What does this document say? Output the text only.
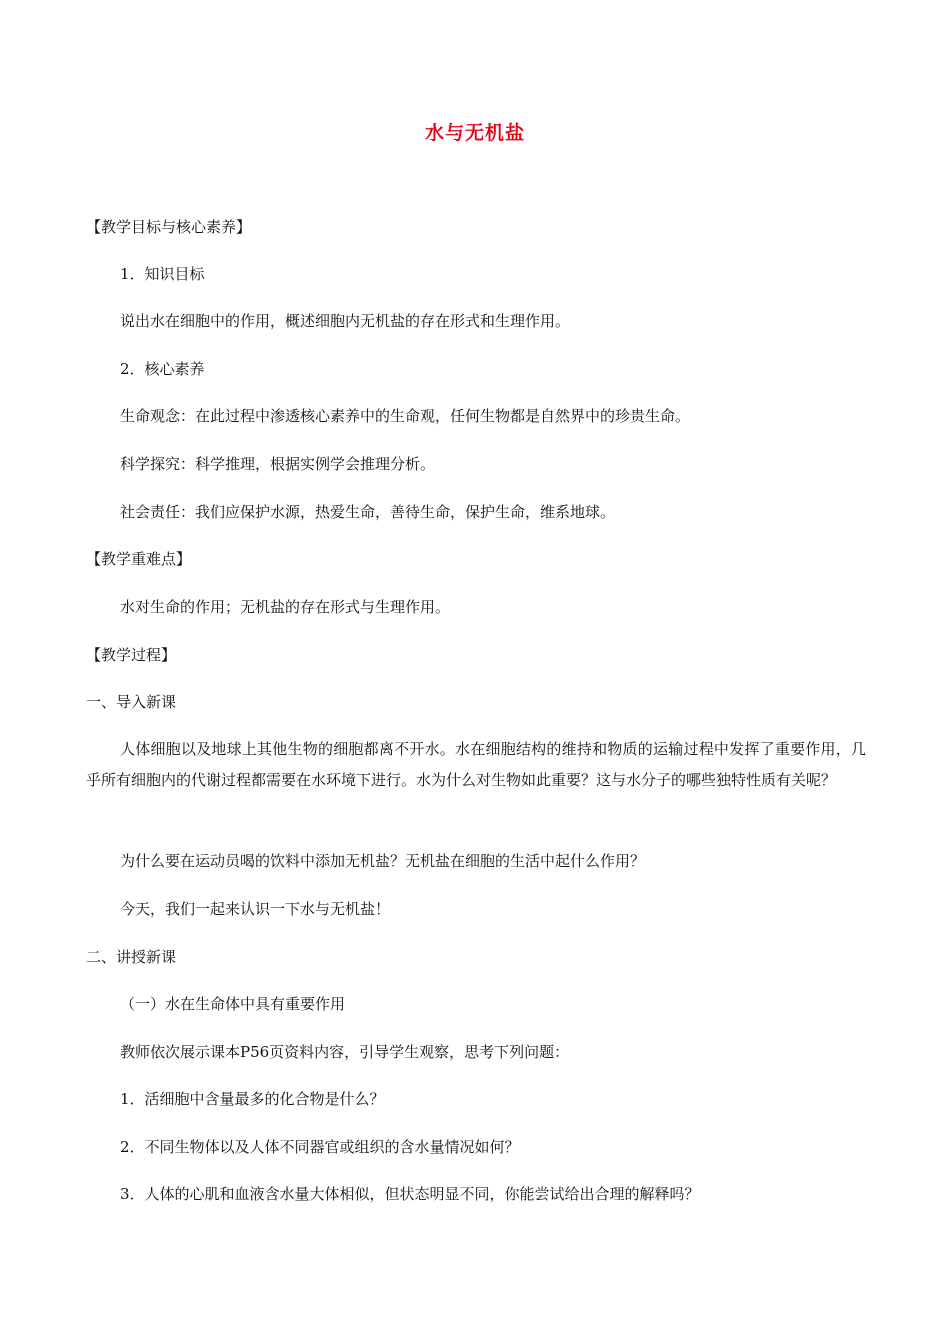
水与无机盐
【教学目标与核心素养】
1．知识目标
说出水在细胞中的作用，概述细胞内无机盐的存在形式和生理作用。
2．核心素养
生命观念：在此过程中渗透核心素养中的生命观，任何生物都是自然界中的珍贵生命。
科学探究：科学推理，根据实例学会推理分析。
社会责任：我们应保护水源，热爱生命，善待生命，保护生命，维系地球。
【教学重难点】
水对生命的作用；无机盐的存在形式与生理作用。
【教学过程】
一、导入新课
人体细胞以及地球上其他生物的细胞都离不开水。水在细胞结构的维持和物质的运输过程中发挥了重要作用，几乎所有细胞内的代谢过程都需要在水环境下进行。水为什么对生物如此重要？这与水分子的哪些独特性质有关呢？
为什么要在运动员喝的饮料中添加无机盐？无机盐在细胞的生活中起什么作用？
今天，我们一起来认识一下水与无机盐！
二、讲授新课
（一）水在生命体中具有重要作用
教师依次展示课本P56页资料内容，引导学生观察，思考下列问题：
1．活细胞中含量最多的化合物是什么？
2．不同生物体以及人体不同器官或组织的含水量情况如何？
3．人体的心肌和血液含水量大体相似，但状态明显不同，你能尝试给出合理的解释吗？
